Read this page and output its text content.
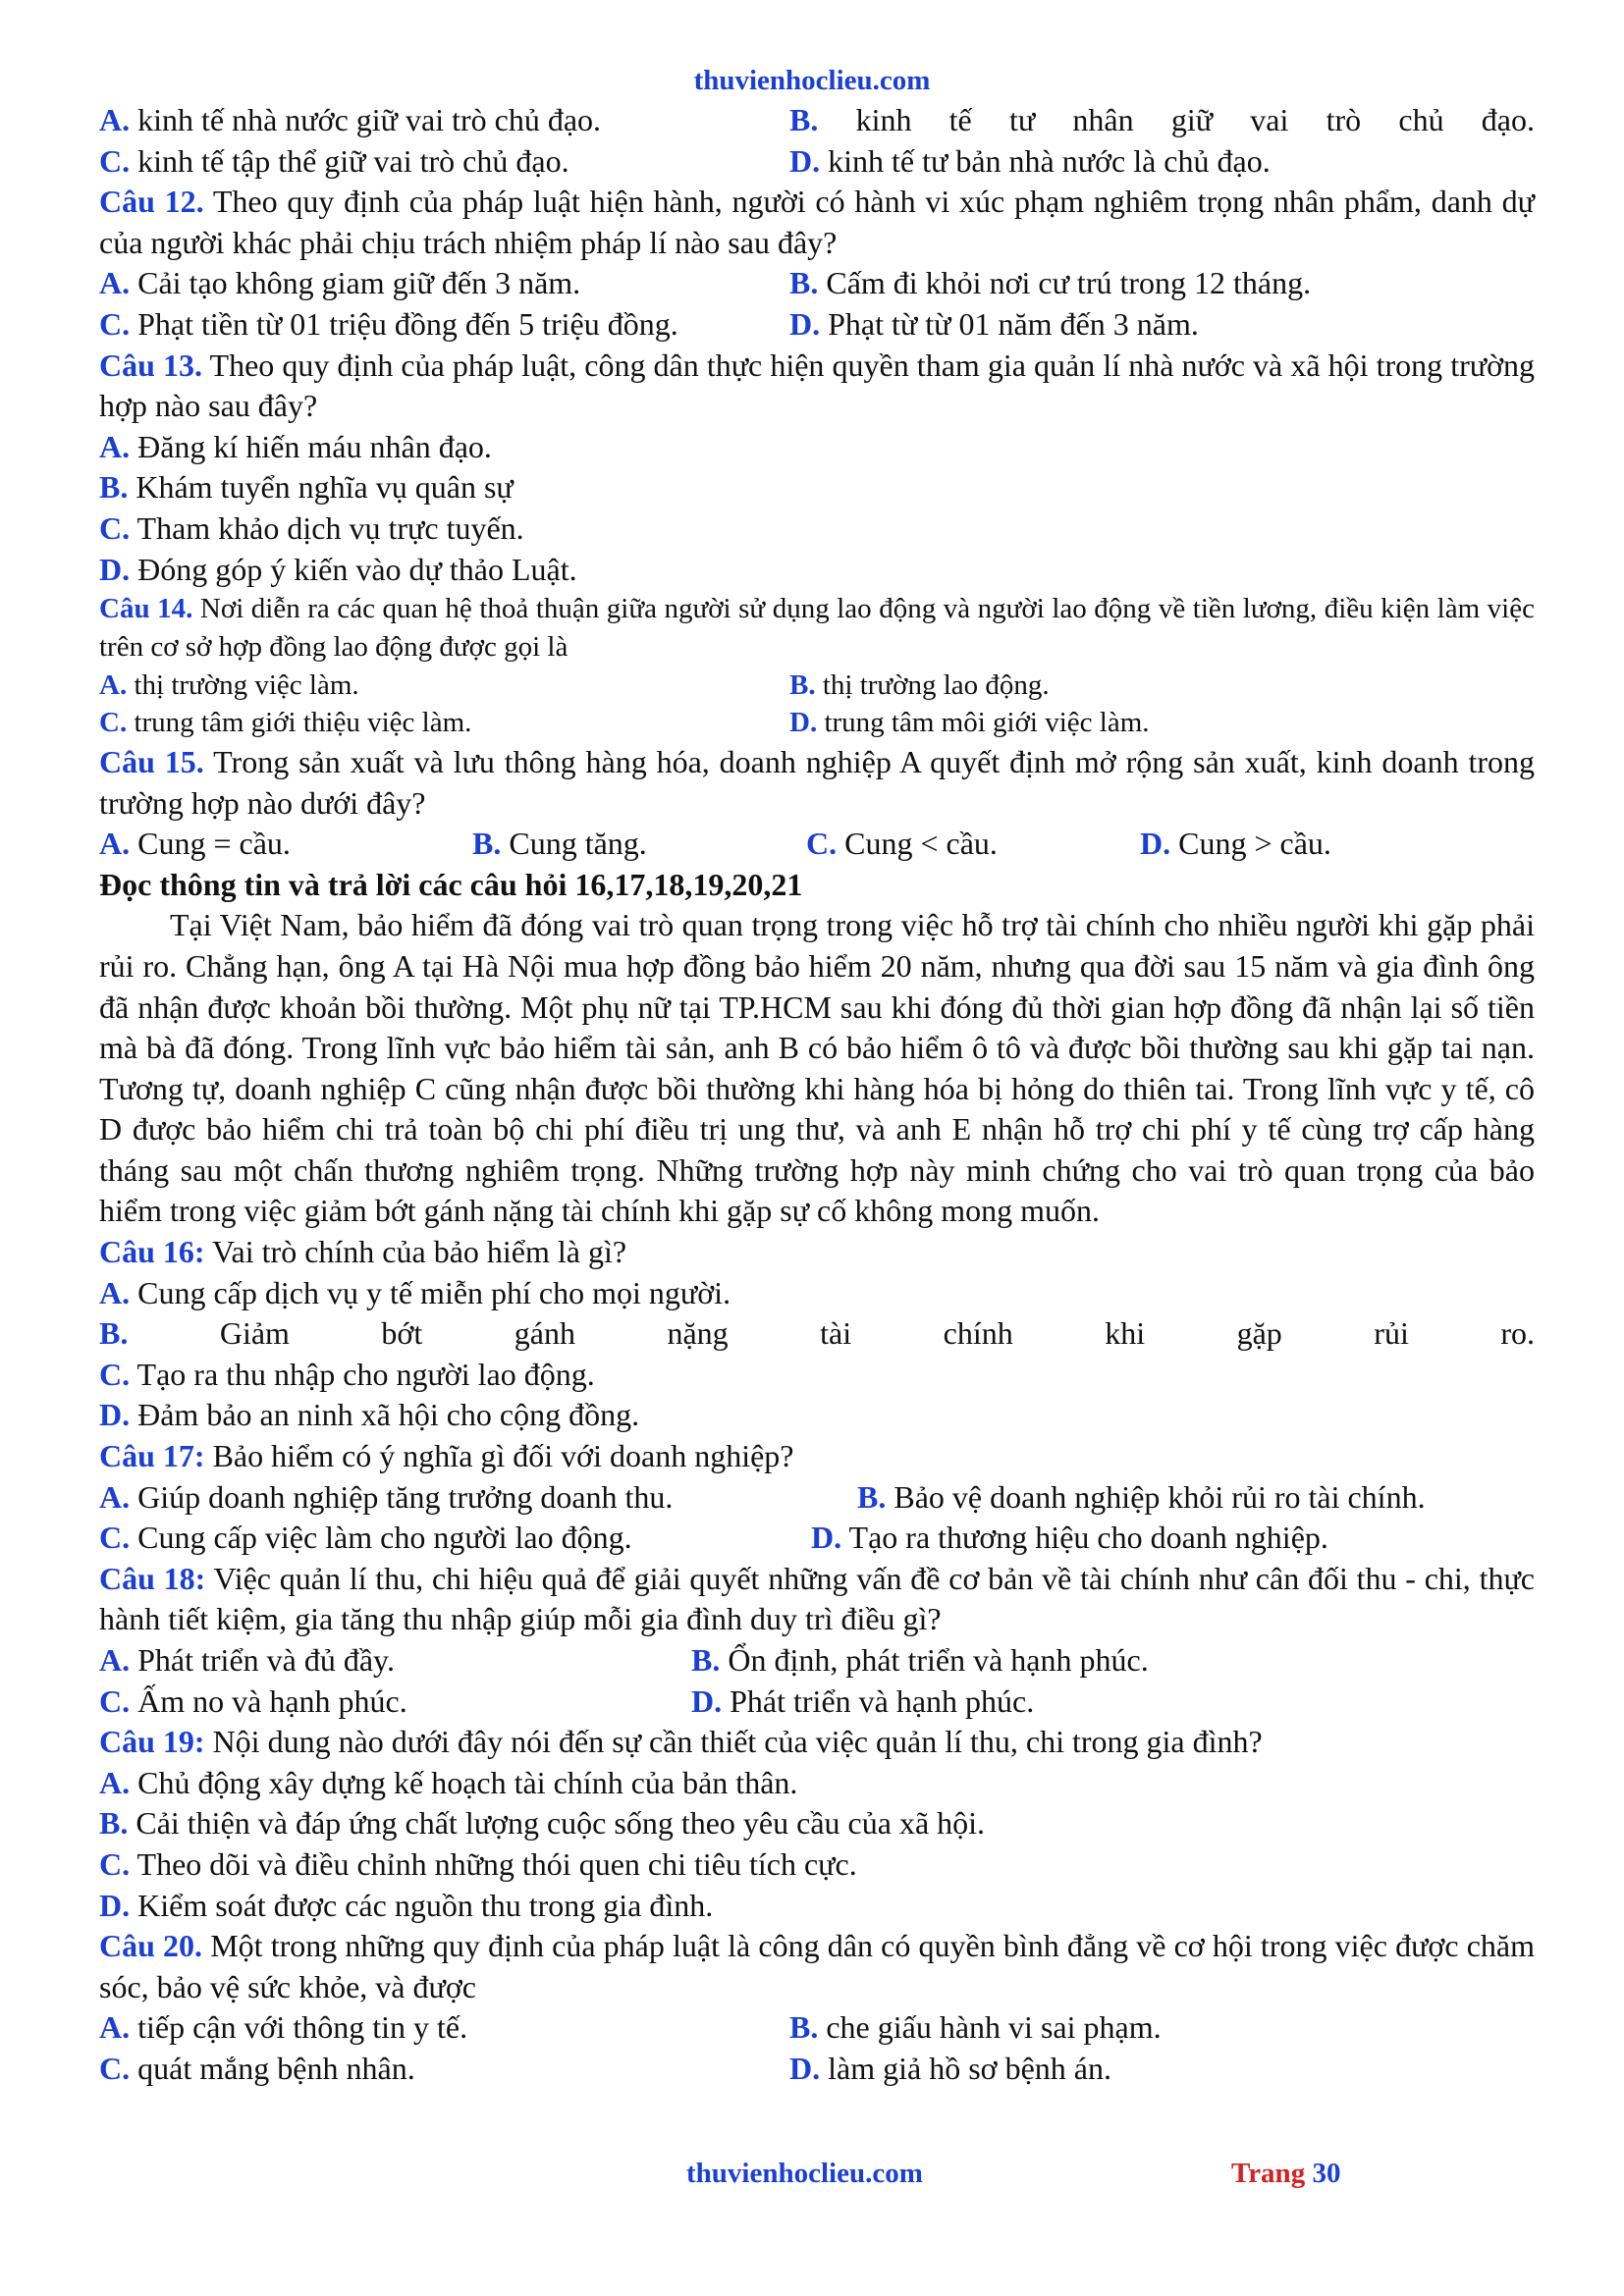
thuvienhoclieu.com
A. kinh tế nhà nước giữ vai trò chủ đạo.	B. kinh tế tư nhân giữ vai trò chủ đạo.
C. kinh tế tập thể giữ vai trò chủ đạo.	D. kinh tế tư bản nhà nước là chủ đạo.
Câu 12. Theo quy định của pháp luật hiện hành, người có hành vi xúc phạm nghiêm trọng nhân phẩm, danh dự của người khác phải chịu trách nhiệm pháp lí nào sau đây?
A. Cải tạo không giam giữ đến 3 năm.	B. Cấm đi khỏi nơi cư trú trong 12 tháng.
C. Phạt tiền từ 01 triệu đồng đến 5 triệu đồng.	D. Phạt từ từ 01 năm đến 3 năm.
Câu 13. Theo quy định của pháp luật, công dân thực hiện quyền tham gia quản lí nhà nước và xã hội trong trường hợp nào sau đây?
A. Đăng kí hiến máu nhân đạo.
B. Khám tuyển nghĩa vụ quân sự
C. Tham khảo dịch vụ trực tuyến.
D. Đóng góp ý kiến vào dự thảo Luật.
Câu 14. Nơi diễn ra các quan hệ thoả thuận giữa người sử dụng lao động và người lao động về tiền lương, điều kiện làm việc trên cơ sở hợp đồng lao động được gọi là
A. thị trường việc làm.	B. thị trường lao động.
C. trung tâm giới thiệu việc làm.	D. trung tâm môi giới việc làm.
Câu 15. Trong sản xuất và lưu thông hàng hóa, doanh nghiệp A quyết định mở rộng sản xuất, kinh doanh trong trường hợp nào dưới đây?
A. Cung = cầu.	B. Cung tăng.	C. Cung < cầu.	D. Cung > cầu.
Đọc thông tin và trả lời các câu hỏi 16,17,18,19,20,21
Tại Việt Nam, bảo hiểm đã đóng vai trò quan trọng trong việc hỗ trợ tài chính cho nhiều người khi gặp phải rủi ro. Chẳng hạn, ông A tại Hà Nội mua hợp đồng bảo hiểm 20 năm, nhưng qua đời sau 15 năm và gia đình ông đã nhận được khoản bồi thường. Một phụ nữ tại TP.HCM sau khi đóng đủ thời gian hợp đồng đã nhận lại số tiền mà bà đã đóng. Trong lĩnh vực bảo hiểm tài sản, anh B có bảo hiểm ô tô và được bồi thường sau khi gặp tai nạn. Tương tự, doanh nghiệp C cũng nhận được bồi thường khi hàng hóa bị hỏng do thiên tai. Trong lĩnh vực y tế, cô D được bảo hiểm chi trả toàn bộ chi phí điều trị ung thư, và anh E nhận hỗ trợ chi phí y tế cùng trợ cấp hàng tháng sau một chấn thương nghiêm trọng. Những trường hợp này minh chứng cho vai trò quan trọng của bảo hiểm trong việc giảm bớt gánh nặng tài chính khi gặp sự cố không mong muốn.
Câu 16: Vai trò chính của bảo hiểm là gì?
A. Cung cấp dịch vụ y tế miễn phí cho mọi người.
B.	Giảm bớt gánh nặng tài chính khi gặp rủi ro.
C. Tạo ra thu nhập cho người lao động.
D. Đảm bảo an ninh xã hội cho cộng đồng.
Câu 17: Bảo hiểm có ý nghĩa gì đối với doanh nghiệp?
A. Giúp doanh nghiệp tăng trưởng doanh thu.	B. Bảo vệ doanh nghiệp khỏi rủi ro tài chính.
C. Cung cấp việc làm cho người lao động.	D. Tạo ra thương hiệu cho doanh nghiệp.
Câu 18: Việc quản lí thu, chi hiệu quả để giải quyết những vấn đề cơ bản về tài chính như cân đối thu - chi, thực hành tiết kiệm, gia tăng thu nhập giúp mỗi gia đình duy trì điều gì?
A. Phát triển và đủ đầy.	B. Ổn định, phát triển và hạnh phúc.
C. Ấm no và hạnh phúc.	D. Phát triển và hạnh phúc.
Câu 19: Nội dung nào dưới đây nói đến sự cần thiết của việc quản lí thu, chi trong gia đình?
A. Chủ động xây dựng kế hoạch tài chính của bản thân.
B. Cải thiện và đáp ứng chất lượng cuộc sống theo yêu cầu của xã hội.
C. Theo dõi và điều chỉnh những thói quen chi tiêu tích cực.
D. Kiểm soát được các nguồn thu trong gia đình.
Câu 20. Một trong những quy định của pháp luật là công dân có quyền bình đẳng về cơ hội trong việc được chăm sóc, bảo vệ sức khỏe, và được
A. tiếp cận với thông tin y tế.	B. che giấu hành vi sai phạm.
C. quát mắng bệnh nhân.	D. làm giả hồ sơ bệnh án.
thuvienhoclieu.com	Trang 30
